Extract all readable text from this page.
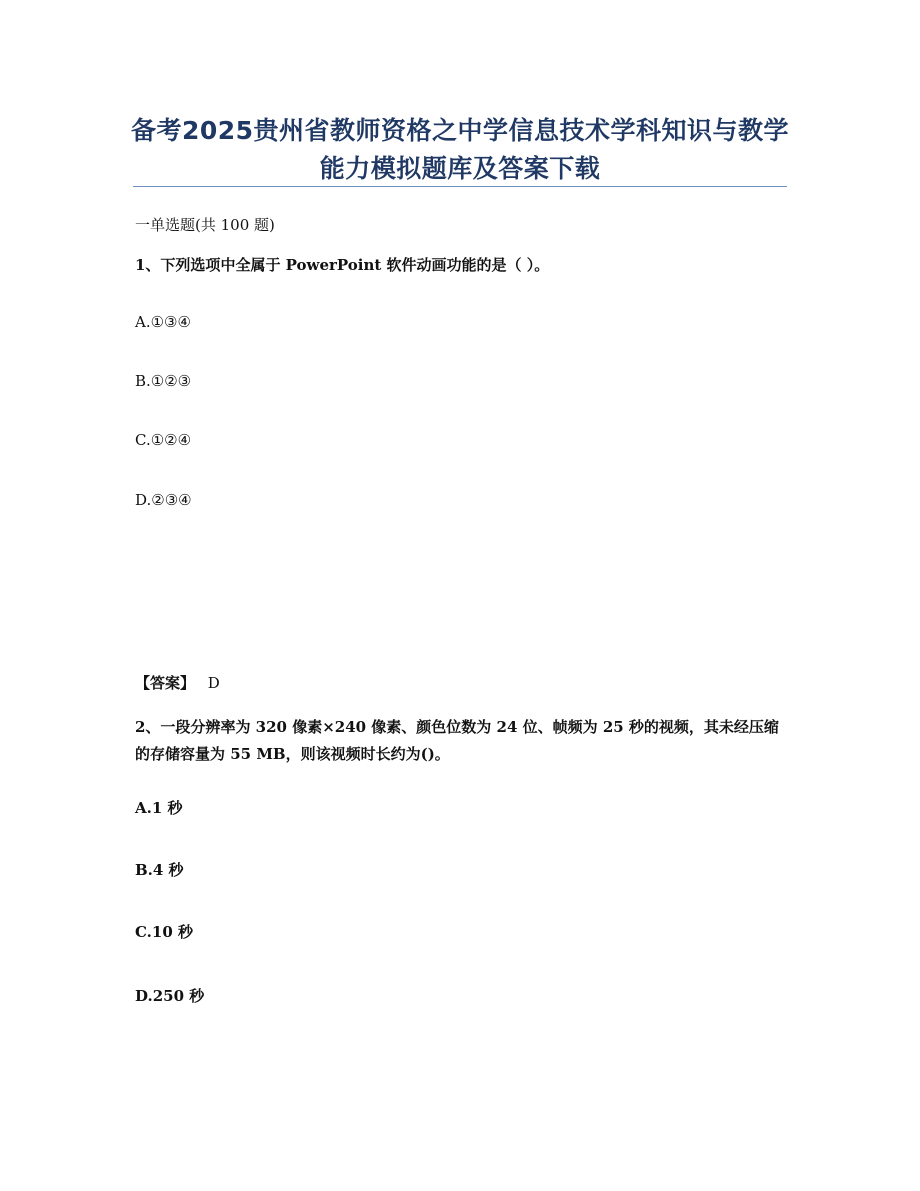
备考2025贵州省教师资格之中学信息技术学科知识与教学能力模拟题库及答案下载
一单选题(共 100 题)
1、下列选项中全属于 PowerPoint 软件动画功能的是（ ）。
A.①③④
B.①②③
C.①②④
D.②③④
【答案】 D
2、一段分辨率为 320 像素×240 像素、颜色位数为 24 位、帧频为 25 秒的视频，其未经压缩的存储容量为 55 MB，则该视频时长约为()。
A.1 秒
B.4 秒
C.10 秒
D.250 秒
